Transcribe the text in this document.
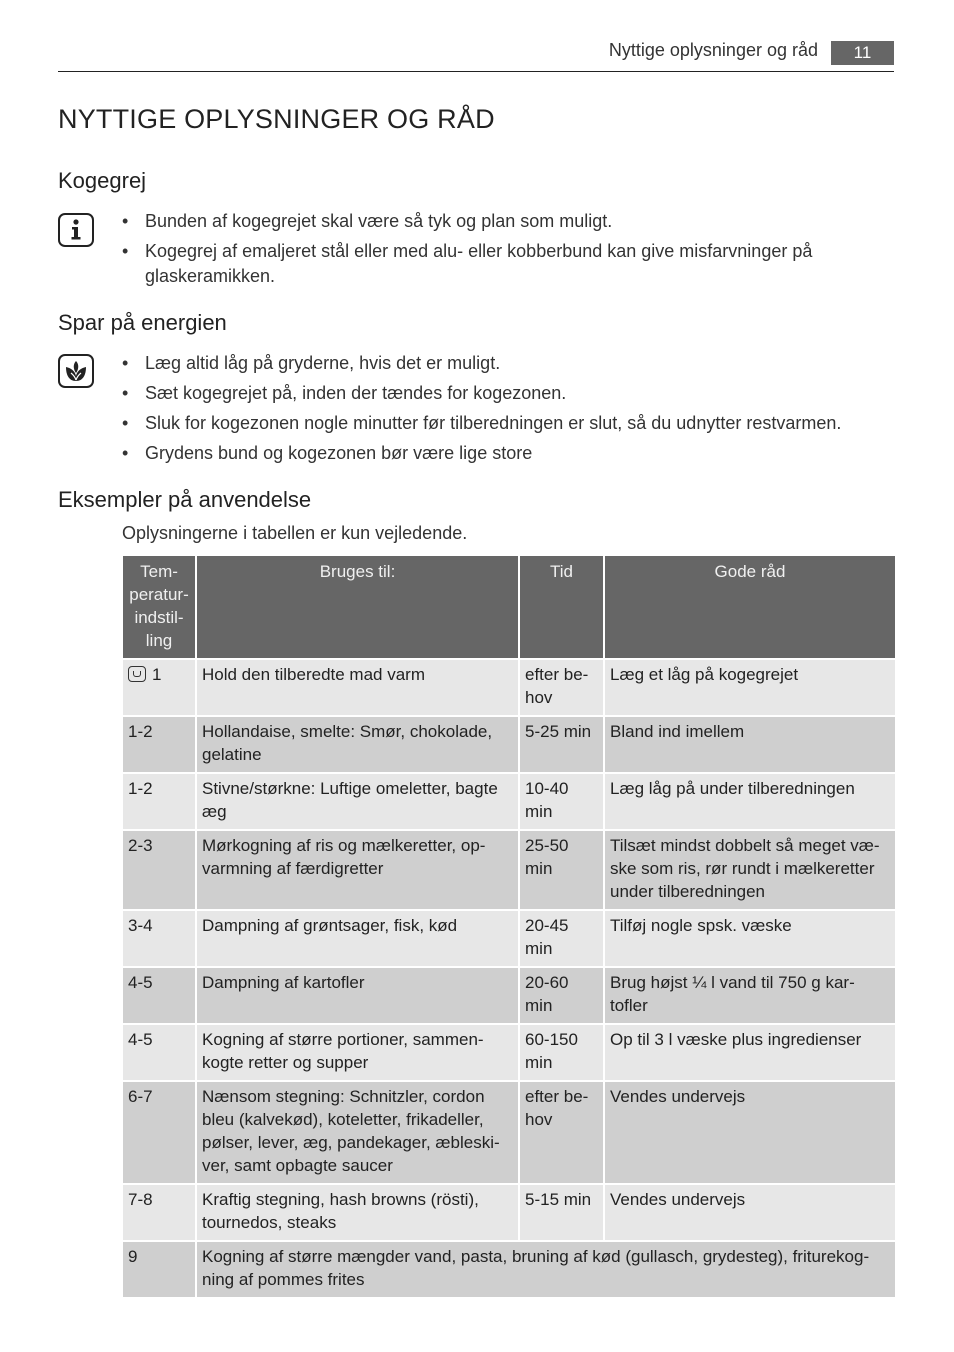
Nyttige oplysninger og råd	11
NYTTIGE OPLYSNINGER OG RÅD
Kogegrej
• Bunden af kogegrejet skal være så tyk og plan som muligt.
• Kogegrej af emaljeret stål eller med alu- eller kobberbund kan give misfarvninger på glaskeramikken.
Spar på energien
• Læg altid låg på gryderne, hvis det er muligt.
• Sæt kogegrejet på, inden der tændes for kogezonen.
• Sluk for kogezonen nogle minutter før tilberedningen er slut, så du udnytter restvarmen.
• Grydens bund og kogezonen bør være lige store
Eksempler på anvendelse
Oplysningerne i tabellen er kun vejledende.
Tem-peratur-indstil-ling	Bruges til:	Tid	Gode råd
1	Hold den tilberedte mad varm	efter be-hov	Læg et låg på kogegrejet
1-2	Hollandaise, smelte: Smør, chokolade, gelatine	5-25 min	Bland ind imellem
1-2	Stivne/størkne: Luftige omeletter, bagte æg	10-40 min	Læg låg på under tilberedningen
2-3	Mørkogning af ris og mælkeretter, op-varmning af færdigretter	25-50 min	Tilsæt mindst dobbelt så meget væ-ske som ris, rør rundt i mælkeretter under tilberedningen
3-4	Dampning af grøntsager, fisk, kød	20-45 min	Tilføj nogle spsk. væske
4-5	Dampning af kartofler	20-60 min	Brug højst ¼ l vand til 750 g kar-tofler
4-5	Kogning af større portioner, sammen-kogte retter og supper	60-150 min	Op til 3 l væske plus ingredienser
6-7	Nænsom stegning: Schnitzler, cordon bleu (kalvekød), koteletter, frikadeller, pølser, lever, æg, pandekager, æbleski-ver, samt opbagte saucer	efter be-hov	Vendes undervejs
7-8	Kraftig stegning, hash browns (rösti), tournedos, steaks	5-15 min	Vendes undervejs
9	Kogning af større mængder vand, pasta, bruning af kød (gullasch, grydesteg), friturekog-ning af pommes frites		
